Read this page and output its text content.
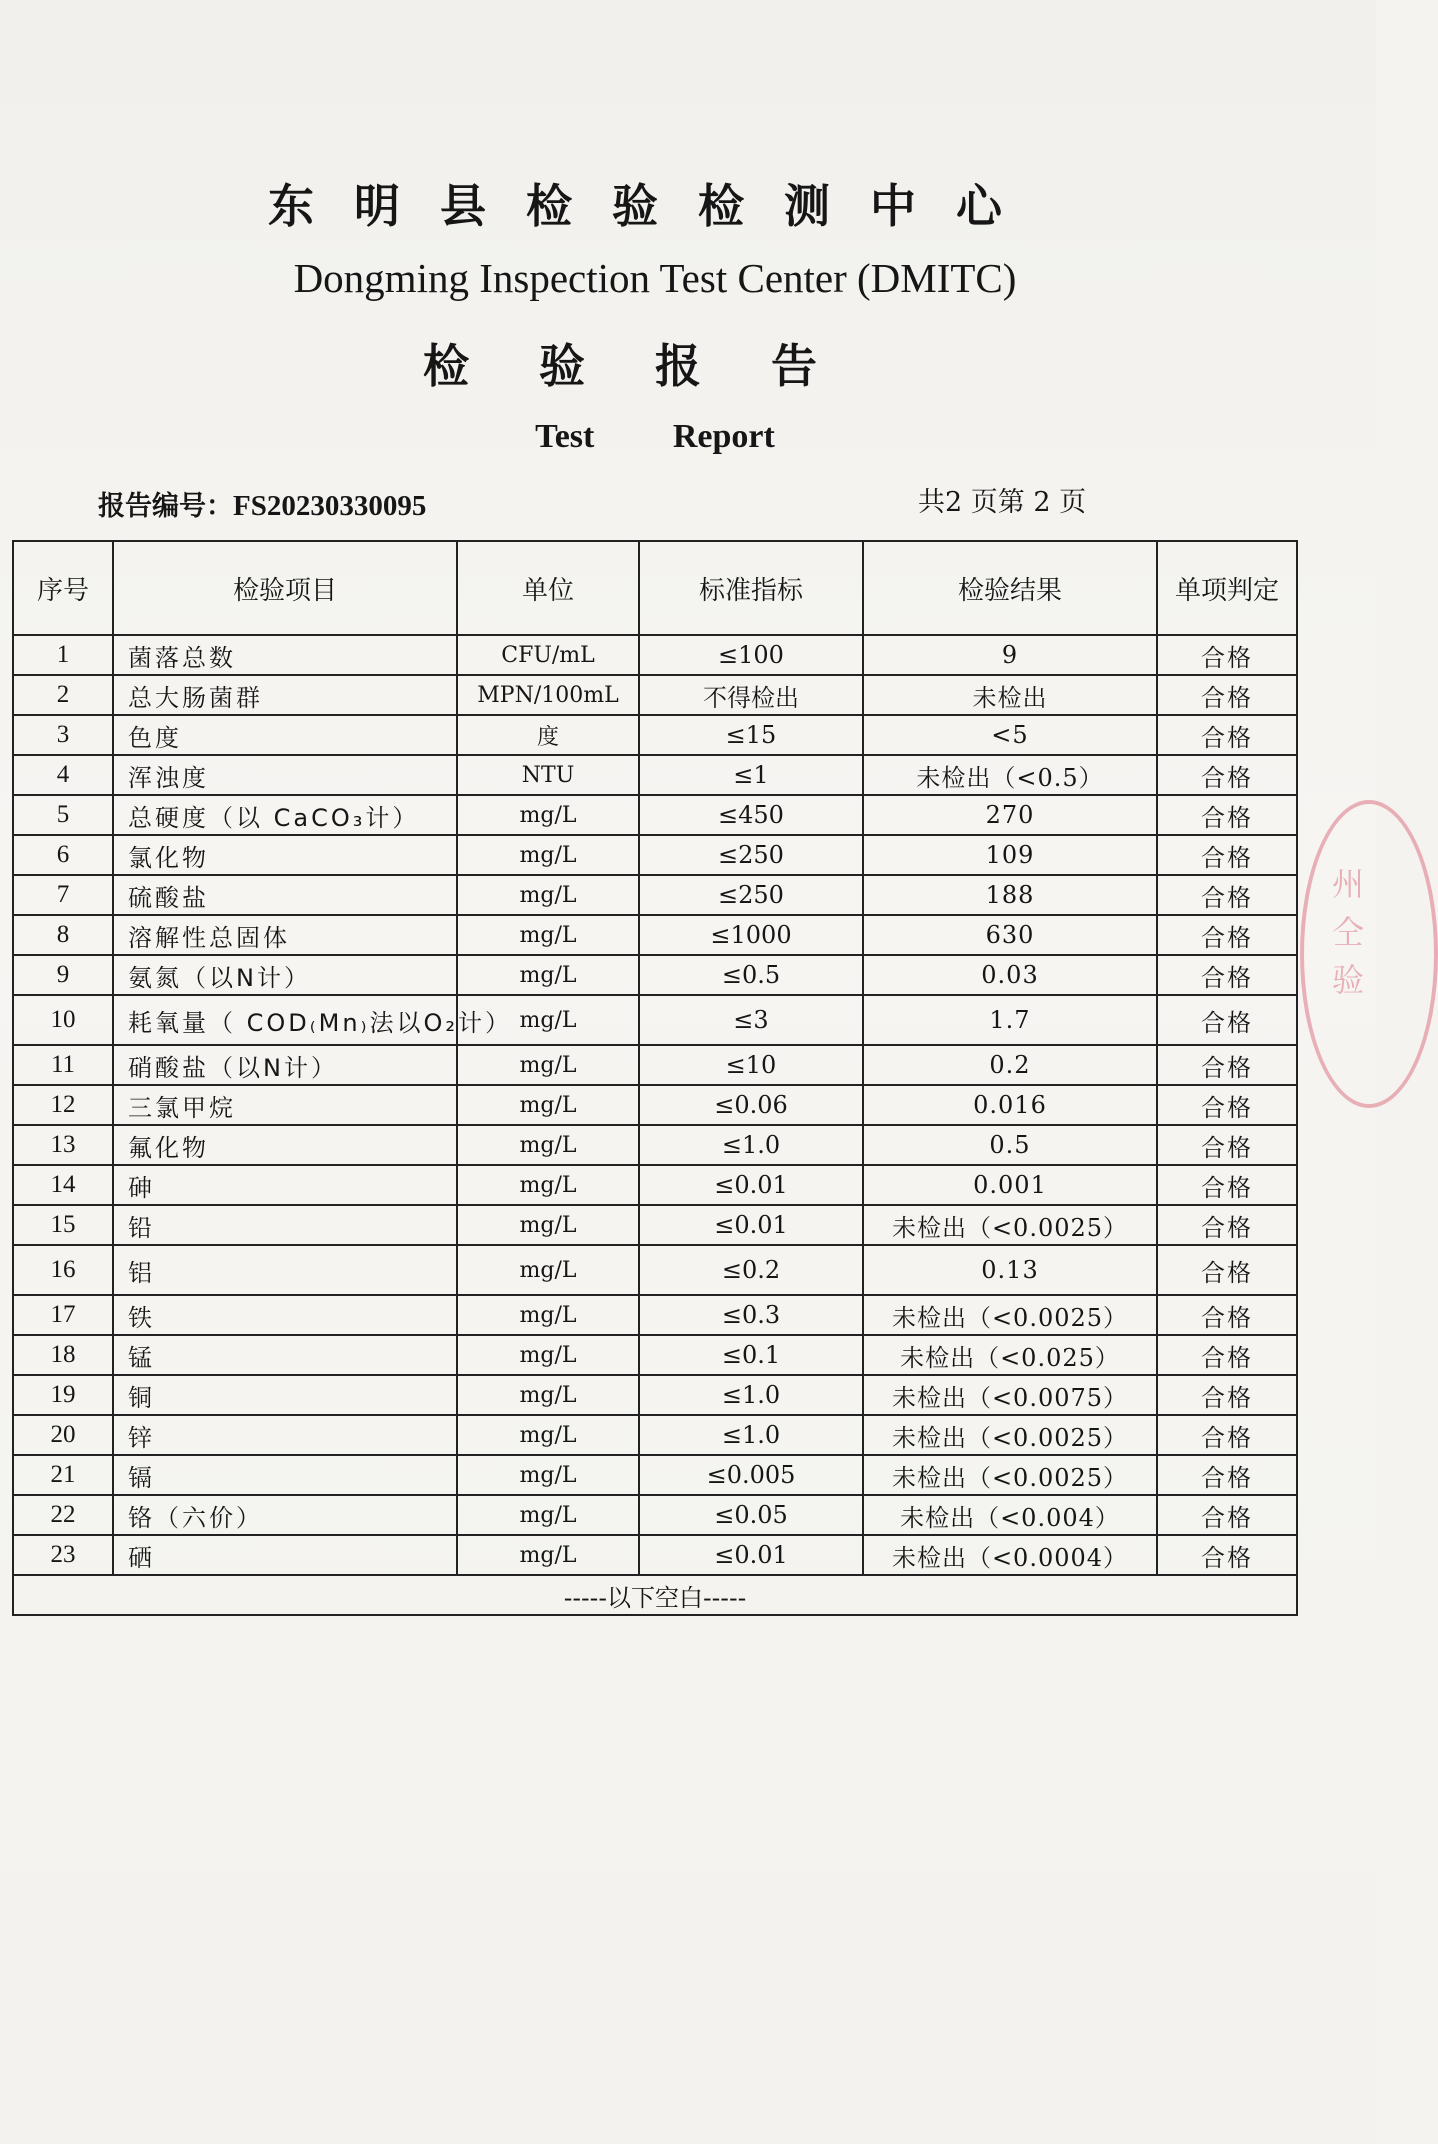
东明县检验检测中心
Dongming Inspection Test Center (DMITC)
检验报告
Test Report
报告编号：FS20230330095	共2 页第 2 页
序号	检验项目	单位	标准指标	检验结果	单项判定
1	菌落总数	CFU/mL	≤100	9	合格
2	总大肠菌群	MPN/100mL	不得检出	未检出	合格
3	色度	度	≤15	<5	合格
4	浑浊度	NTU	≤1	未检出（<0.5）	合格
5	总硬度（以 CaCO₃计）	mg/L	≤450	270	合格
6	氯化物	mg/L	≤250	109	合格
7	硫酸盐	mg/L	≤250	188	合格
8	溶解性总固体	mg/L	≤1000	630	合格
9	氨氮（以N计）	mg/L	≤0.5	0.03	合格
10	耗氧量（ COD₍Mn₎法以O₂计）	mg/L	≤3	1.7	合格
11	硝酸盐（以N计）	mg/L	≤10	0.2	合格
12	三氯甲烷	mg/L	≤0.06	0.016	合格
13	氟化物	mg/L	≤1.0	0.5	合格
14	砷	mg/L	≤0.01	0.001	合格
15	铅	mg/L	≤0.01	未检出（<0.0025）	合格
16	铝	mg/L	≤0.2	0.13	合格
17	铁	mg/L	≤0.3	未检出（<0.0025）	合格
18	锰	mg/L	≤0.1	未检出（<0.025）	合格
19	铜	mg/L	≤1.0	未检出（<0.0075）	合格
20	锌	mg/L	≤1.0	未检出（<0.0025）	合格
21	镉	mg/L	≤0.005	未检出（<0.0025）	合格
22	铬（六价）	mg/L	≤0.05	未检出（<0.004）	合格
23	硒	mg/L	≤0.01	未检出（<0.0004）	合格
-----以下空白-----					
州仝验
